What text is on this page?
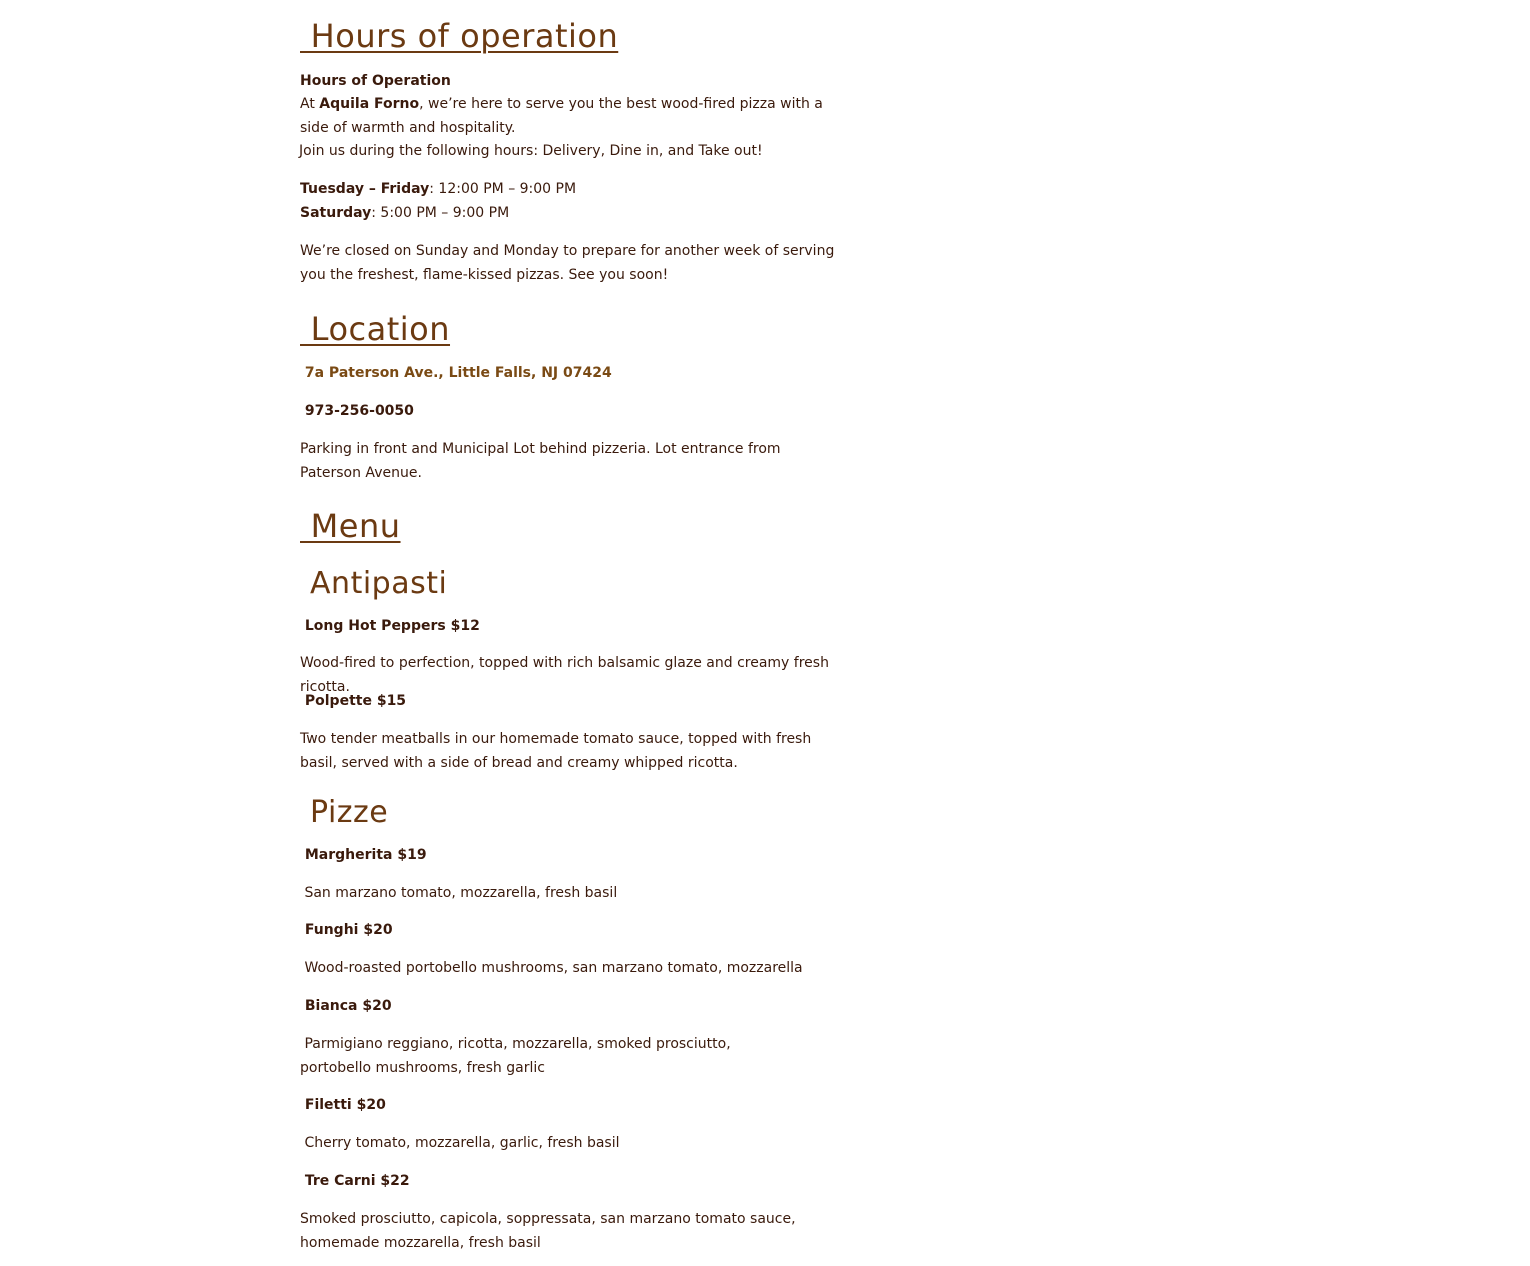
Hours of operation

Hours of Operation

At Aquila Forno, we’re here to serve you the best wood-fired pizza with a side of warmth and hospitality.

Join us during the following hours: Delivery, Dine in, and Take out!

Tuesday – Friday: 12:00 PM – 9:00 PM

Saturday: 5:00 PM – 9:00 PM

We’re closed on Sunday and Monday to prepare for another week of serving you the freshest, flame-kissed pizzas. See you soon!

Location

7a Paterson Ave., Little Falls, NJ 07424

973-256-0050

Parking in front and Municipal Lot behind pizzeria. Lot entrance from Paterson Avenue.

Menu
Antipasti

Long Hot Peppers $12

Wood-fired to perfection, topped with rich balsamic glaze and creamy fresh ricotta.

Polpette $15

Two tender meatballs in our homemade tomato sauce, topped with fresh basil, served with a side of bread and creamy whipped ricotta.

Pizze

Margherita $19

San marzano tomato, mozzarella, fresh basil

Funghi $20

Wood-roasted portobello mushrooms, san marzano tomato, mozzarella

Bianca $20

Parmigiano reggiano, ricotta, mozzarella, smoked prosciutto, portobello mushrooms, fresh garlic

Filetti $20

Cherry tomato, mozzarella, garlic, fresh basil

Tre Carni $22

Smoked prosciutto, capicola, soppressata, san marzano tomato sauce, homemade mozzarella, fresh basil
